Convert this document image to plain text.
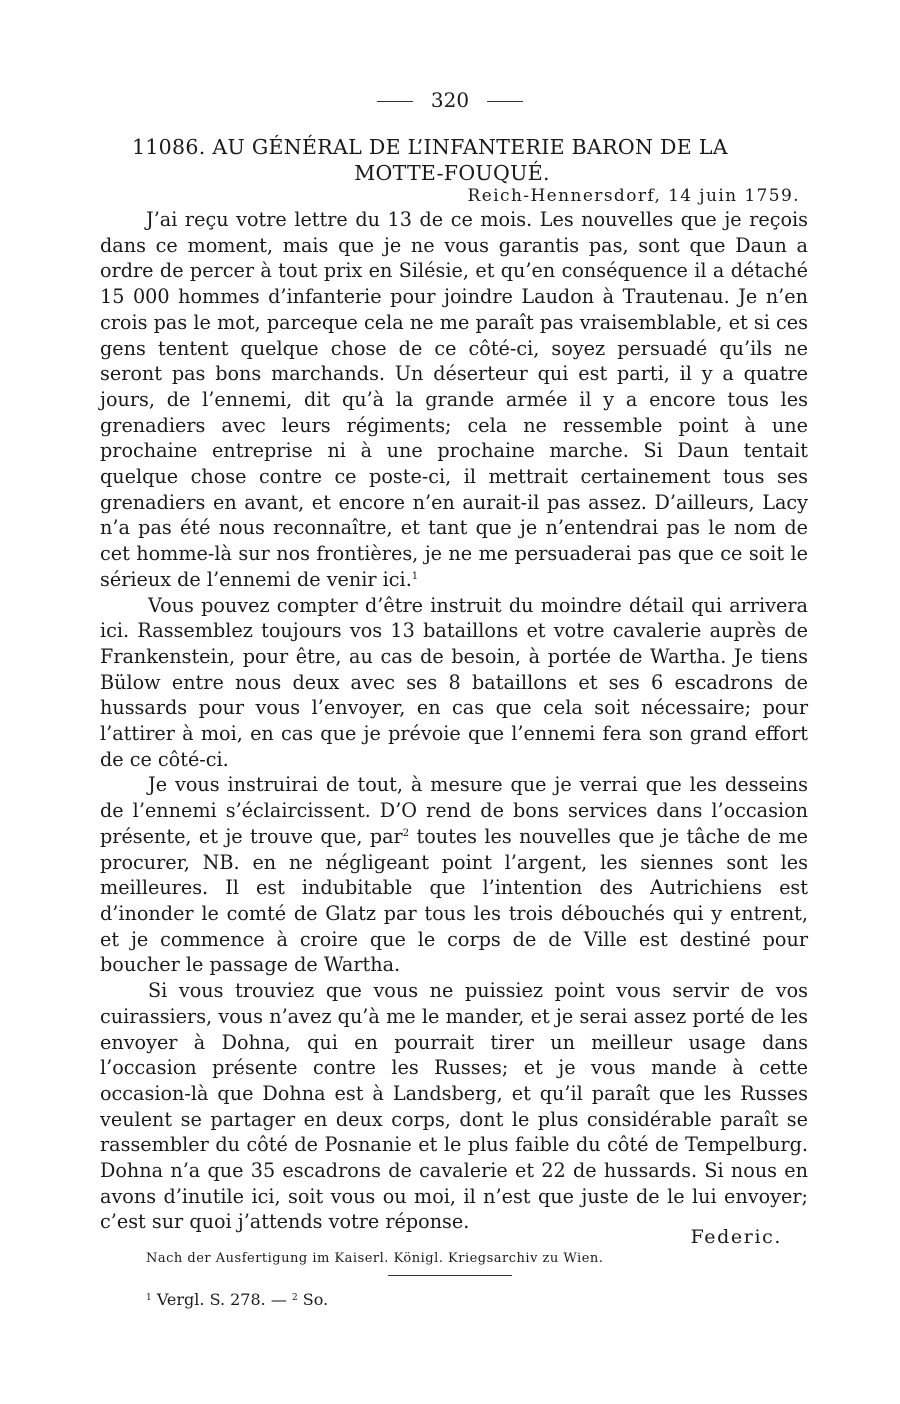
320
11086. AU GÉNÉRAL DE L’INFANTERIE BARON DE LA
MOTTE-FOUQUÉ.
Reich-Hennersdorf, 14 juin 1759.

J’ai reçu votre lettre du 13 de ce mois. Les nouvelles que je reçois dans ce moment, mais que je ne vous garantis pas, sont que Daun a ordre de percer à tout prix en Silésie, et qu’en conséquence il a détaché 15 000 hommes d’infanterie pour joindre Laudon à Trautenau. Je n’en crois pas le mot, parceque cela ne me paraît pas vraisemblable, et si ces gens tentent quelque chose de ce côté-ci, soyez persuadé qu’ils ne seront pas bons marchands. Un déserteur qui est parti, il y a quatre jours, de l’ennemi, dit qu’à la grande armée il y a encore tous les grenadiers avec leurs régiments; cela ne ressemble point à une prochaine entreprise ni à une prochaine marche. Si Daun tentait quelque chose contre ce poste-ci, il mettrait certainement tous ses grenadiers en avant, et encore n’en aurait-il pas assez. D’ailleurs, Lacy n’a pas été nous reconnaître, et tant que je n’entendrai pas le nom de cet homme-là sur nos frontières, je ne me persuaderai pas que ce soit le sérieux de l’ennemi de venir ici.$^1$

Vous pouvez compter d’être instruit du moindre détail qui arrivera ici. Rassemblez toujours vos 13 bataillons et votre cavalerie auprès de Frankenstein, pour être, au cas de besoin, à portée de Wartha. Je tiens Bülow entre nous deux avec ses 8 bataillons et ses 6 escadrons de hussards pour vous l’envoyer, en cas que cela soit nécessaire; pour l’attirer à moi, en cas que je prévoie que l’ennemi fera son grand effort de ce côté-ci.

Je vous instruirai de tout, à mesure que je verrai que les desseins de l’ennemi s’éclaircissent. D’O rend de bons services dans l’occasion présente, et je trouve que, par$^2$ toutes les nouvelles que je tâche de me procurer, NB. en ne négligeant point l’argent, les siennes sont les meilleures. Il est indubitable que l’intention des Autrichiens est d’inonder le comté de Glatz par tous les trois débouchés qui y entrent, et je commence à croire que le corps de de Ville est destiné pour boucher le passage de Wartha.

Si vous trouviez que vous ne puissiez point vous servir de vos cuirassiers, vous n’avez qu’à me le mander, et je serai assez porté de les envoyer à Dohna, qui en pourrait tirer un meilleur usage dans l’occasion présente contre les Russes; et je vous mande à cette occasion-là que Dohna est à Landsberg, et qu’il paraît que les Russes veulent se partager en deux corps, dont le plus considérable paraît se rassembler du côté de Posnanie et le plus faible du côté de Tempelburg. Dohna n’a que 35 escadrons de cavalerie et 22 de hussards. Si nous en avons d’inutile ici, soit vous ou moi, il n’est que juste de le lui envoyer; c’est sur quoi j’attends votre réponse.

Federic.
Nach der Ausfertigung im Kaiserl. Königl. Kriegsarchiv zu Wien.
$^1$ Vergl. S. 278. — $^2$ So.
